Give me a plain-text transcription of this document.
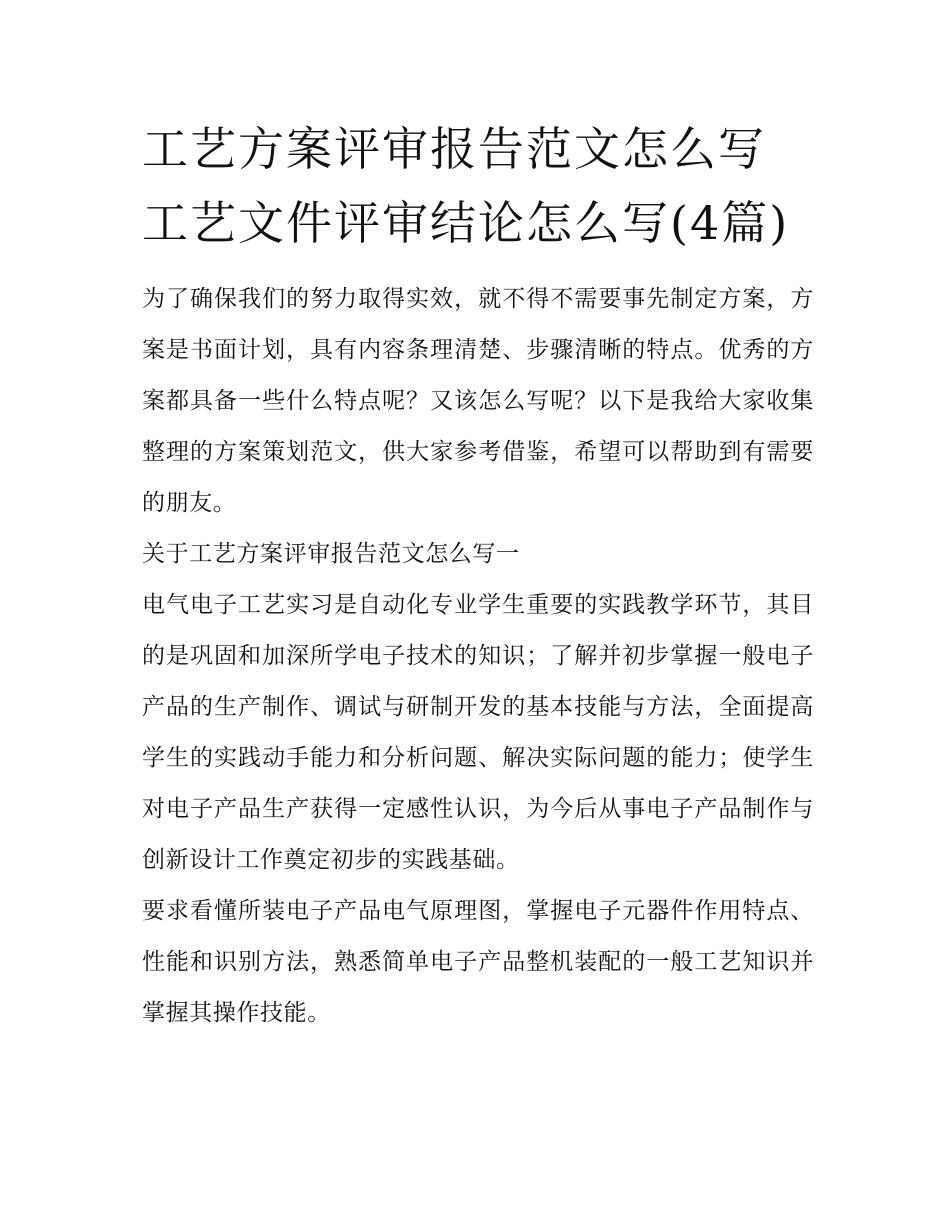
工艺方案评审报告范文怎么写 工艺文件评审结论怎么写(4篇)

为了确保我们的努力取得实效，就不得不需要事先制定方案，方案是书面计划，具有内容条理清楚、步骤清晰的特点。优秀的方案都具备一些什么特点呢？又该怎么写呢？以下是我给大家收集整理的方案策划范文，供大家参考借鉴，希望可以帮助到有需要的朋友。

关于工艺方案评审报告范文怎么写一

电气电子工艺实习是自动化专业学生重要的实践教学环节，其目的是巩固和加深所学电子技术的知识；了解并初步掌握一般电子产品的生产制作、调试与研制开发的基本技能与方法，全面提高学生的实践动手能力和分析问题、解决实际问题的能力；使学生对电子产品生产获得一定感性认识，为今后从事电子产品制作与创新设计工作奠定初步的实践基础。

要求看懂所装电子产品电气原理图，掌握电子元器件作用特点、性能和识别方法，熟悉简单电子产品整机装配的一般工艺知识并掌握其操作技能。
